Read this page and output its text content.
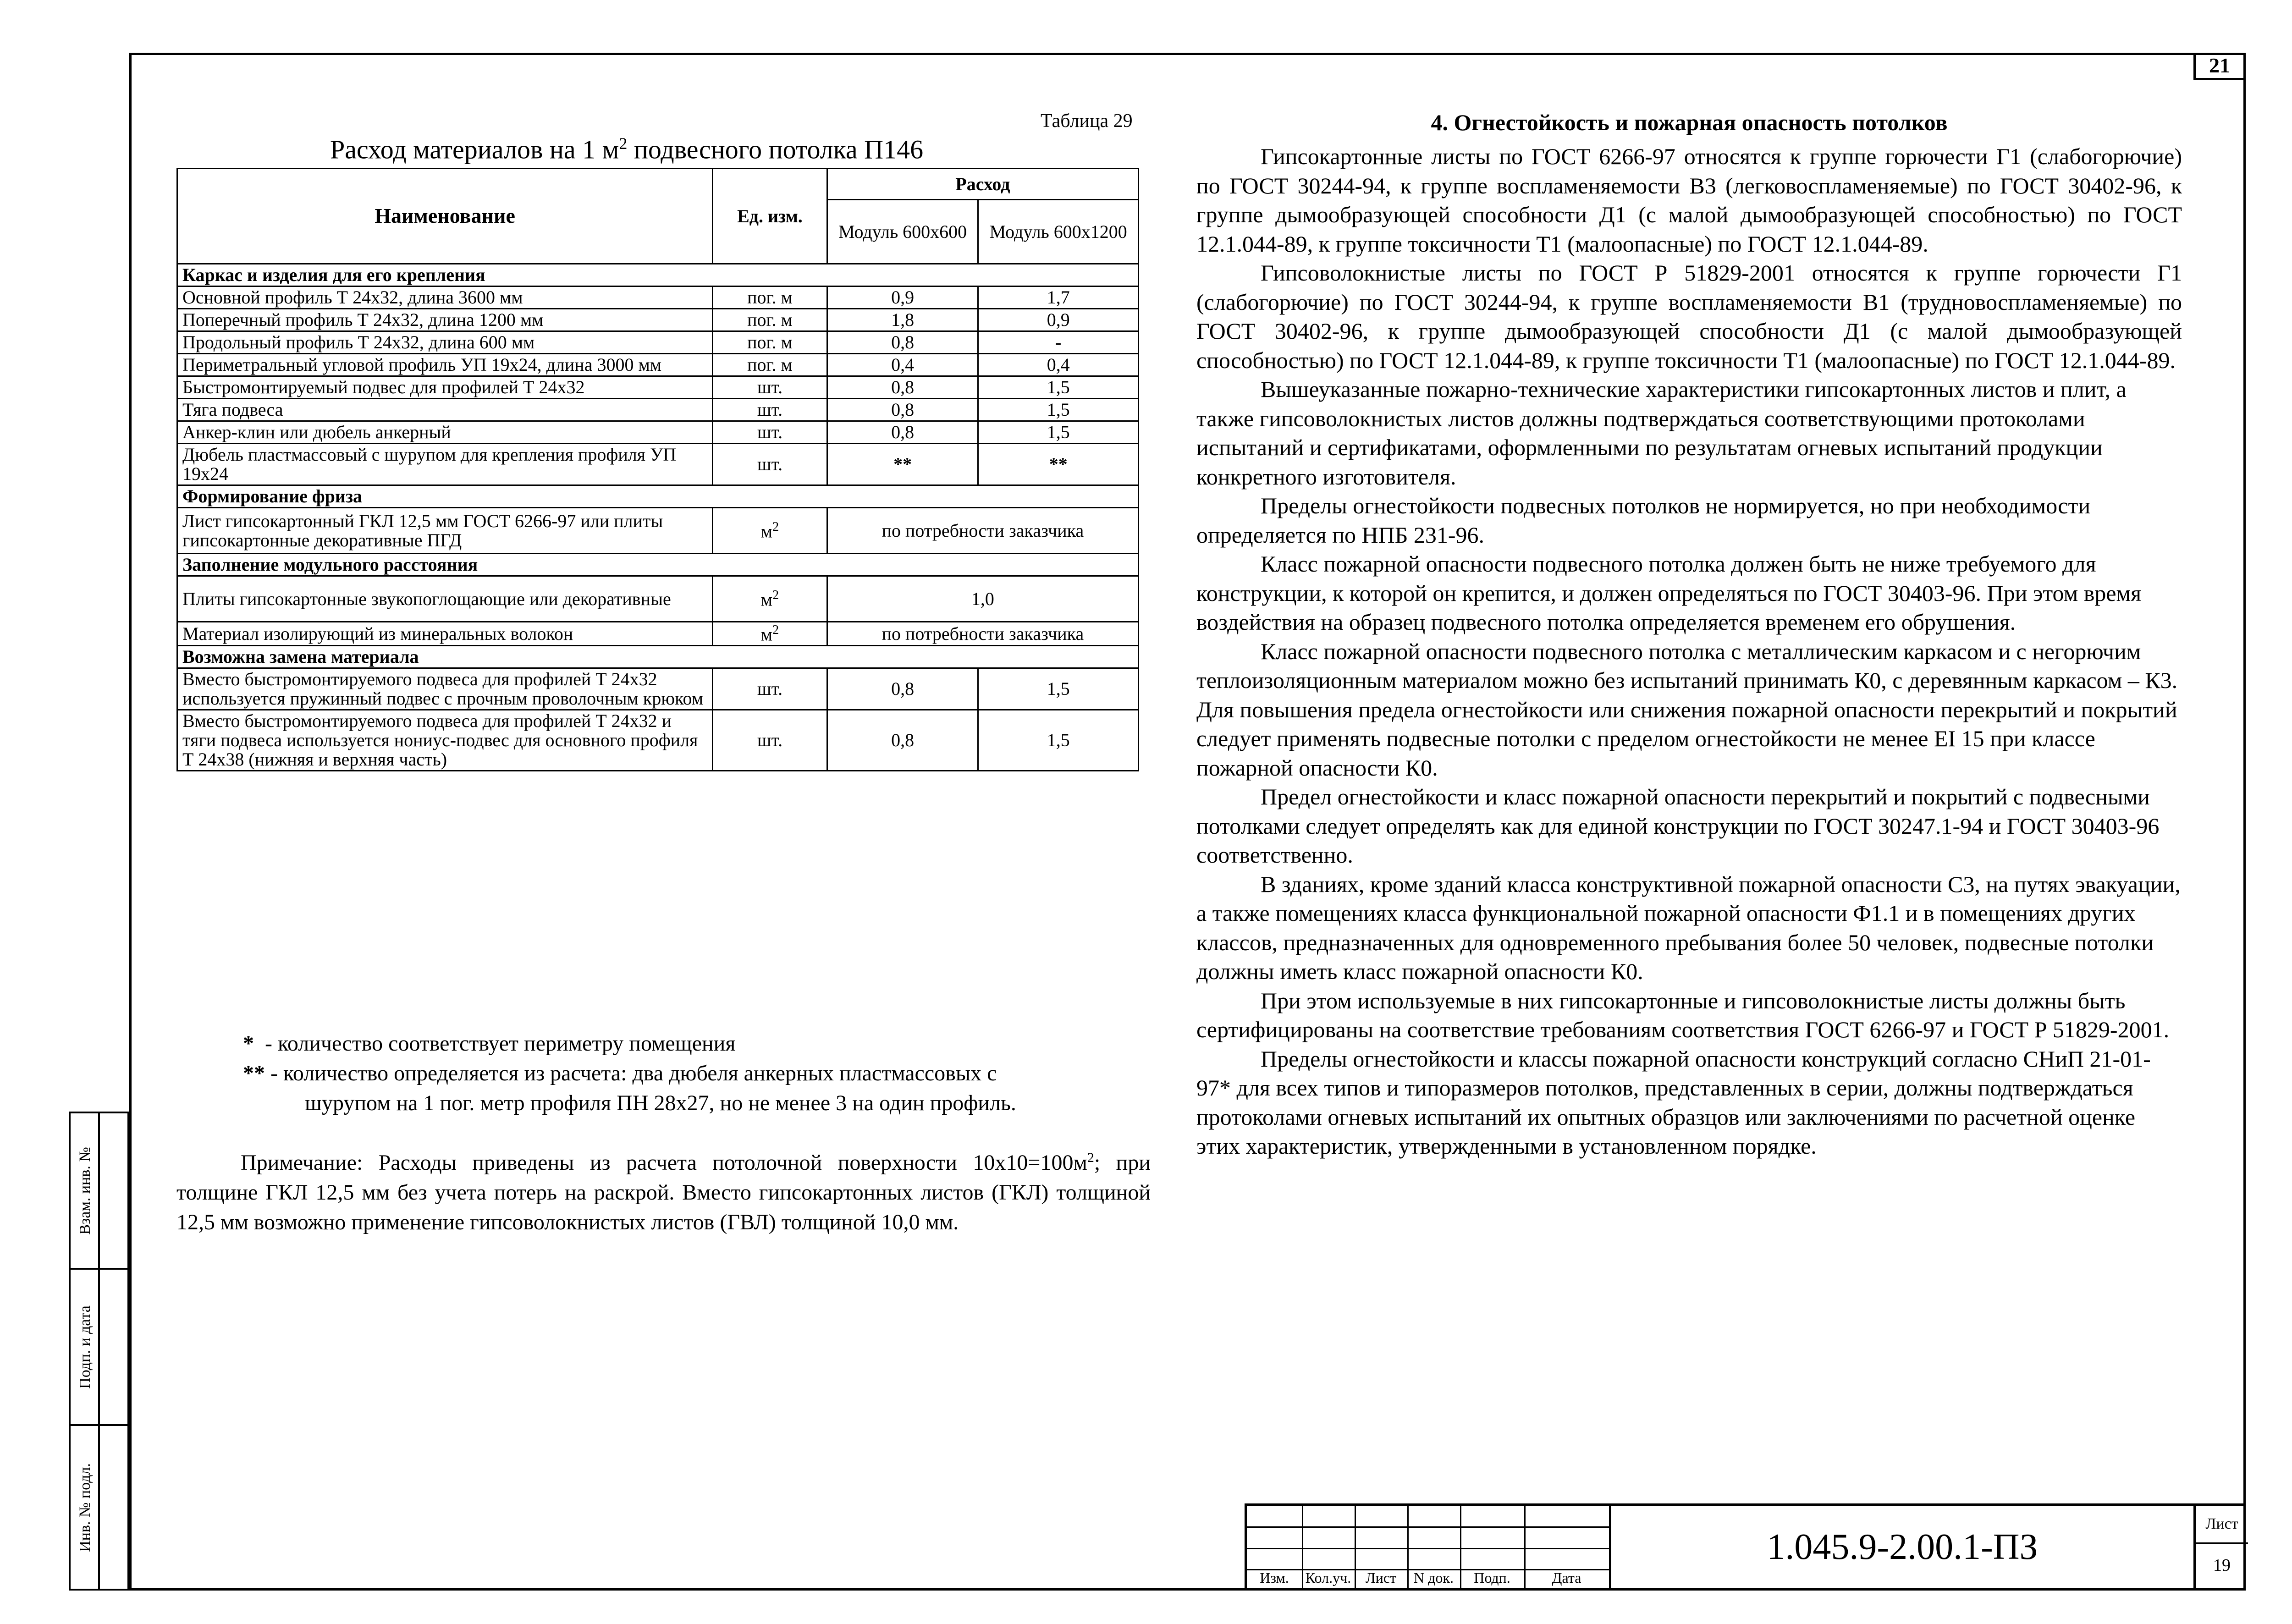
21
Взам. инв. №
Подп. и дата
Инв. № подл.
Таблица 29
Расход материалов на 1 $м^2$ подвесного потолка П146
Наименование	Ед. изм.	Расход	
		Модуль 600x600	Модуль 600x1200
Каркас и изделия для его крепления			
Основной профиль Т 24x32, длина 3600 мм	пог. м	0,9	1,7
Поперечный профиль Т 24x32, длина 1200 мм	пог. м	1,8	0,9
Продольный профиль Т 24x32, длина 600 мм	пог. м	0,8	-
Периметральный угловой профиль УП 19x24, длина 3000 мм	пог. м	0,4	0,4
Быстромонтируемый подвес для профилей Т 24x32	шт.	0,8	1,5
Тяга подвеса	шт.	0,8	1,5
Анкер-клин или дюбель анкерный	шт.	0,8	1,5
Дюбель пластмассовый с шурупом для крепления профиля УП 19x24	шт.	**	**
Формирование фриза			
Лист гипсокартонный ГКЛ 12,5 мм ГОСТ 6266-97 или плиты гипсокартонные декоративные ПГД	$м^2$	по потребности заказчика	
Заполнение модульного расстояния			
Плиты гипсокартонные звукопоглощающие или декоративные	$м^2$	1,0	
Материал изолирующий из минеральных волокон	$м^2$	по потребности заказчика	
Возможна замена материала			
Вместо быстромонтируемого подвеса для профилей Т 24x32 используется пружинный подвес с прочным проволочным крюком	шт.	0,8	1,5
Вместо быстромонтируемого подвеса для профилей Т 24x32 и тяги подвеса используется нониус-подвес для основного профиля Т 24x38 (нижняя и верхняя часть)	шт.	0,8	1,5
* - количество соответствует периметру помещения
** - количество определяется из расчета: два дюбеля анкерных пластмассовых с
шурупом на 1 пог. метр профиля ПН 28x27, но не менее 3 на один профиль.
Примечание: Расходы приведены из расчета потолочной поверхности $10x10=100м^2$; при толщине ГКЛ 12,5 мм без учета потерь на раскрой. Вместо гипсокартонных листов (ГКЛ) толщиной 12,5 мм возможно применение гипсоволокнистых листов (ГВЛ) толщиной 10,0 мм.
4. Огнестойкость и пожарная опасность потолков

Гипсокартонные листы по ГОСТ 6266-97 относятся к группе горючести Г1 (слабогорючие) по ГОСТ 30244-94, к группе воспламеняемости В3 (легковоспламеняемые) по ГОСТ 30402-96, к группе дымообразующей способности Д1 (с малой дымообразующей способностью) по ГОСТ 12.1.044-89, к группе токсичности Т1 (малоопасные) по ГОСТ 12.1.044-89.

Гипсоволокнистые листы по ГОСТ Р 51829-2001 относятся к группе горючести Г1 (слабогорючие) по ГОСТ 30244-94, к группе воспламеняемости В1 (трудновоспламеняемые) по ГОСТ 30402-96, к группе дымообразующей способности Д1 (с малой дымообразующей способностью) по ГОСТ 12.1.044-89, к группе токсичности Т1 (малоопасные) по ГОСТ 12.1.044-89.

Вышеуказанные пожарно-технические характеристики гипсокартонных листов и плит, а также гипсоволокнистых листов должны подтверждаться соответствующими протоколами испытаний и сертификатами, оформленными по результатам огневых испытаний продукции конкретного изготовителя.

Пределы огнестойкости подвесных потолков не нормируется, но при необходимости определяется по НПБ 231-96.

Класс пожарной опасности подвесного потолка должен быть не ниже требуемого для конструкции, к которой он крепится, и должен определяться по ГОСТ 30403-96. При этом время воздействия на образец подвесного потолка определяется временем его обрушения.

Класс пожарной опасности подвесного потолка с металлическим каркасом и с негорючим теплоизоляционным материалом можно без испытаний принимать К0, с деревянным каркасом – К3. Для повышения предела огнестойкости или снижения пожарной опасности перекрытий и покрытий следует применять подвесные потолки с пределом огнестойкости не менее EI 15 при классе пожарной опасности К0.

Предел огнестойкости и класс пожарной опасности перекрытий и покрытий с подвесными потолками следует определять как для единой конструкции по ГОСТ 30247.1-94 и ГОСТ 30403-96 соответственно.

В зданиях, кроме зданий класса конструктивной пожарной опасности С3, на путях эвакуации, а также помещениях класса функциональной пожарной опасности Ф1.1 и в помещениях других классов, предназначенных для одновременного пребывания более 50 человек, подвесные потолки должны иметь класс пожарной опасности К0.

При этом используемые в них гипсокартонные и гипсоволокнистые листы должны быть сертифицированы на соответствие требованиям соответствия ГОСТ 6266-97 и ГОСТ Р 51829-2001.

Пределы огнестойкости и классы пожарной опасности конструкций согласно СНиП 21-01-97* для всех типов и типоразмеров потолков, представленных в серии, должны подтверждаться протоколами огневых испытаний их опытных образцов или заключениями по расчетной оценке этих характеристик, утвержденными в установленном порядке.

Изм.	Кол.уч. Лист	N док.	Подп.	Дата
1.045.9-2.00.1-ПЗ
Лист
19
